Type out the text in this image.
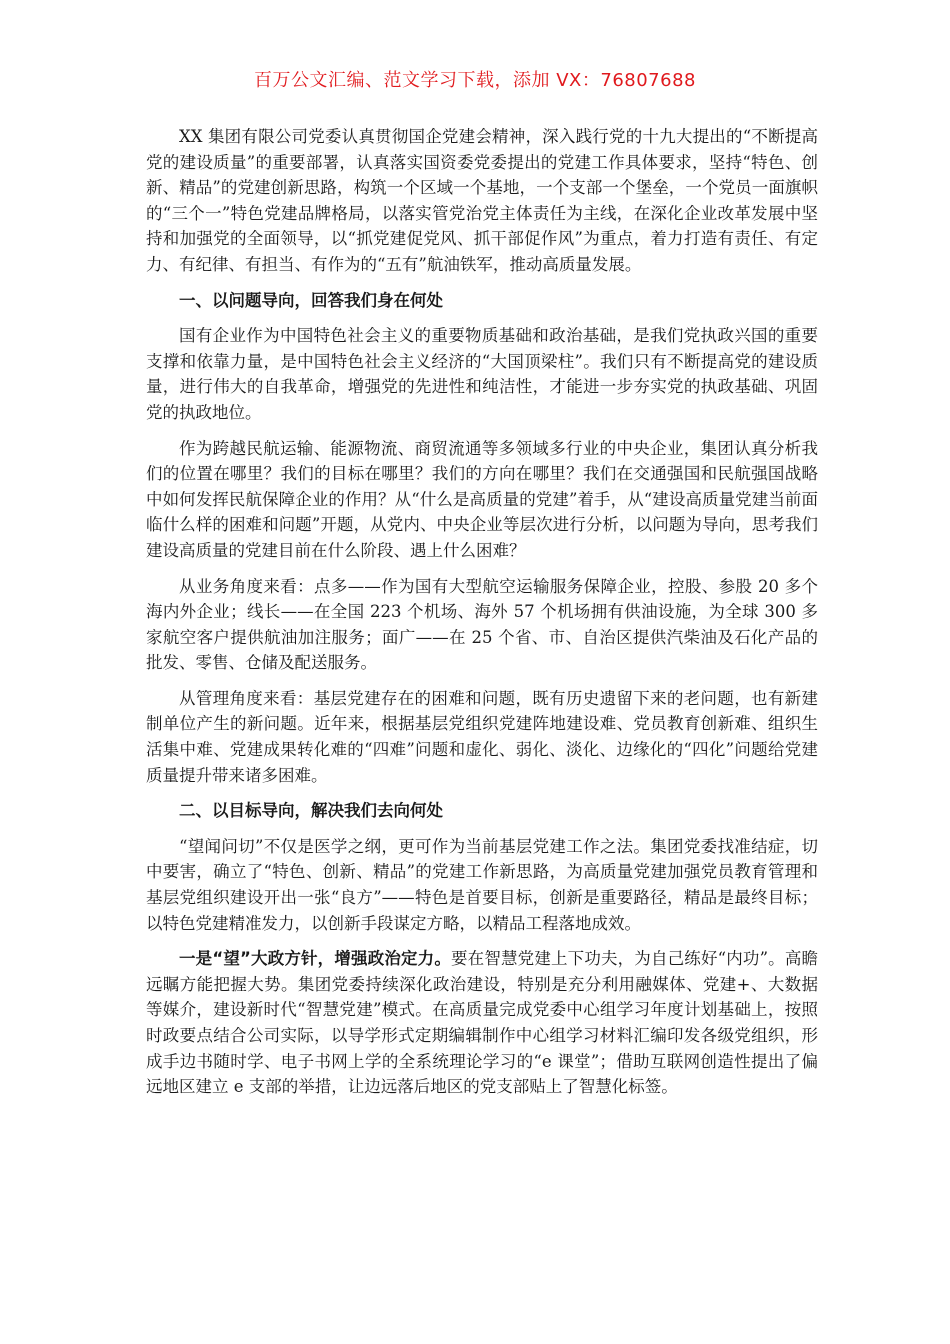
百万公文汇编、范文学习下载，添加 VX：76807688

XX 集团有限公司党委认真贯彻国企党建会精神，深入践行党的十九大提出的“不断提高党的建设质量”的重要部署，认真落实国资委党委提出的党建工作具体要求，坚持“特色、创新、精品”的党建创新思路，构筑一个区域一个基地，一个支部一个堡垒，一个党员一面旗帜的“三个一”特色党建品牌格局，以落实管党治党主体责任为主线，在深化企业改革发展中坚持和加强党的全面领导，以“抓党建促党风、抓干部促作风”为重点，着力打造有责任、有定力、有纪律、有担当、有作为的“五有”航油铁军，推动高质量发展。

一、以问题导向，回答我们身在何处

国有企业作为中国特色社会主义的重要物质基础和政治基础，是我们党执政兴国的重要支撑和依靠力量，是中国特色社会主义经济的“大国顶梁柱”。我们只有不断提高党的建设质量，进行伟大的自我革命，增强党的先进性和纯洁性，才能进一步夯实党的执政基础、巩固党的执政地位。

作为跨越民航运输、能源物流、商贸流通等多领域多行业的中央企业，集团认真分析我们的位置在哪里？我们的目标在哪里？我们的方向在哪里？我们在交通强国和民航强国战略中如何发挥民航保障企业的作用？从“什么是高质量的党建”着手，从“建设高质量党建当前面临什么样的困难和问题”开题，从党内、中央企业等层次进行分析，以问题为导向，思考我们建设高质量的党建目前在什么阶段、遇上什么困难？

从业务角度来看：点多——作为国有大型航空运输服务保障企业，控股、参股 20 多个海内外企业；线长——在全国 223 个机场、海外 57 个机场拥有供油设施，为全球 300 多家航空客户提供航油加注服务；面广——在 25 个省、市、自治区提供汽柴油及石化产品的批发、零售、仓储及配送服务。

从管理角度来看：基层党建存在的困难和问题，既有历史遗留下来的老问题，也有新建制单位产生的新问题。近年来，根据基层党组织党建阵地建设难、党员教育创新难、组织生活集中难、党建成果转化难的“四难”问题和虚化、弱化、淡化、边缘化的“四化”问题给党建质量提升带来诸多困难。

二、以目标导向，解决我们去向何处

“望闻问切”不仅是医学之纲，更可作为当前基层党建工作之法。集团党委找准结症，切中要害，确立了“特色、创新、精品”的党建工作新思路，为高质量党建加强党员教育管理和基层党组织建设开出一张“良方”——特色是首要目标，创新是重要路径，精品是最终目标；以特色党建精准发力，以创新手段谋定方略，以精品工程落地成效。

一是“望”大政方针，增强政治定力。要在智慧党建上下功夫，为自己练好“内功”。高瞻远瞩方能把握大势。集团党委持续深化政治建设，特别是充分利用融媒体、党建+、大数据等媒介，建设新时代“智慧党建”模式。在高质量完成党委中心组学习年度计划基础上，按照时政要点结合公司实际，以导学形式定期编辑制作中心组学习材料汇编印发各级党组织，形成手边书随时学、电子书网上学的全系统理论学习的“e 课堂”；借助互联网创造性提出了偏远地区建立 e 支部的举措，让边远落后地区的党支部贴上了智慧化标签。
